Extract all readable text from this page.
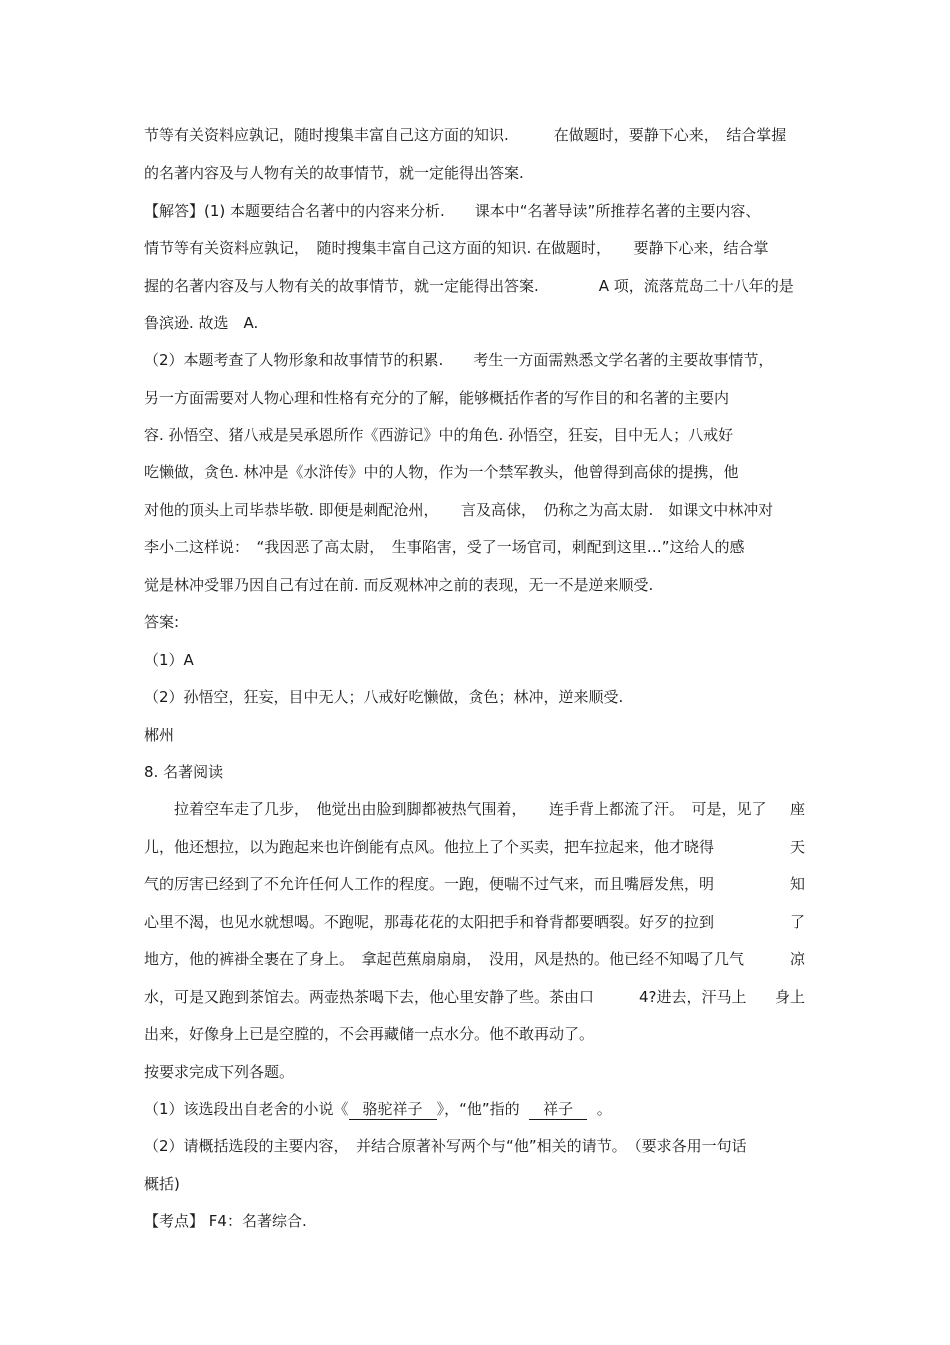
节等有关资料应孰记，随时搜集丰富自己这方面的知识.　　　在做题时，要静下心来，　结合掌握
的名著内容及与人物有关的故事情节，就一定能得出答案.
【解答】(1) 本题要结合名著中的内容来分析.　　课本中“名著导读”所推荐名著的主要内容、
情节等有关资料应孰记，　随时搜集丰富自己这方面的知识. 在做题时，　　要静下心来，结合掌
握的名著内容及与人物有关的故事情节，就一定能得出答案.　　　　A 项，流落荒岛二十八年的是
鲁滨逊. 故选　A.
（2）本题考查了人物形象和故事情节的积累.　　考生一方面需熟悉文学名著的主要故事情节，
另一方面需要对人物心理和性格有充分的了解，能够概括作者的写作目的和名著的主要内
容. 孙悟空、猪八戒是吴承恩所作《西游记》中的角色. 孙悟空，狂妄，目中无人；八戒好
吃懒做，贪色. 林冲是《水浒传》中的人物，作为一个禁军教头，他曾得到高俅的提携，他
对他的顶头上司毕恭毕敬. 即便是刺配沧州，　　言及高俅，　仍称之为高太尉.　如课文中林冲对
李小二这样说：　“我因恶了高太尉，　生事陷害，受了一场官司，刺配到这里…”这给人的感
觉是林冲受罪乃因自己有过在前. 而反观林冲之前的表现，无一不是逆来顺受.
答案:
（1）A
（2）孙悟空，狂妄，目中无人；八戒好吃懒做，贪色；林冲，逆来顺受.
郴州
8. 名著阅读
　　拉着空车走了几步，　他觉出由脸到脚都被热气围着，　　连手背上都流了汗。　可是，见了 座
儿，他还想拉，以为跑起来也许倒能有点风。他拉上了个买卖，把车拉起来，他才晓得	天
气的厉害已经到了不允许任何人工作的程度。一跑，便喘不过气来，而且嘴唇发焦，明	知
心里不渴，也见水就想喝。不跑呢，那毒花花的太阳把手和脊背都要晒裂。好歹的拉到	了
地方，他的裤褂全裹在了身上。　拿起芭蕉扇扇扇，　没用，风是热的。他已经不知喝了几气	凉
水，可是又跑到茶馆去。两壶热茶喝下去，他心里安静了些。茶由口　　　4?进去，汗马上 身上
出来，好像身上已是空膛的，不会再藏储一点水分。他不敢再动了。
按要求完成下列各题。
（1）该选段出自老舍的小说《 骆驼祥子 》，“他”指的 祥子 。
（2）请概括选段的主要内容，　并结合原著补写两个与“他”相关的请节。　（要求各用一句话
概括)
【考点】 F4：名著综合.
